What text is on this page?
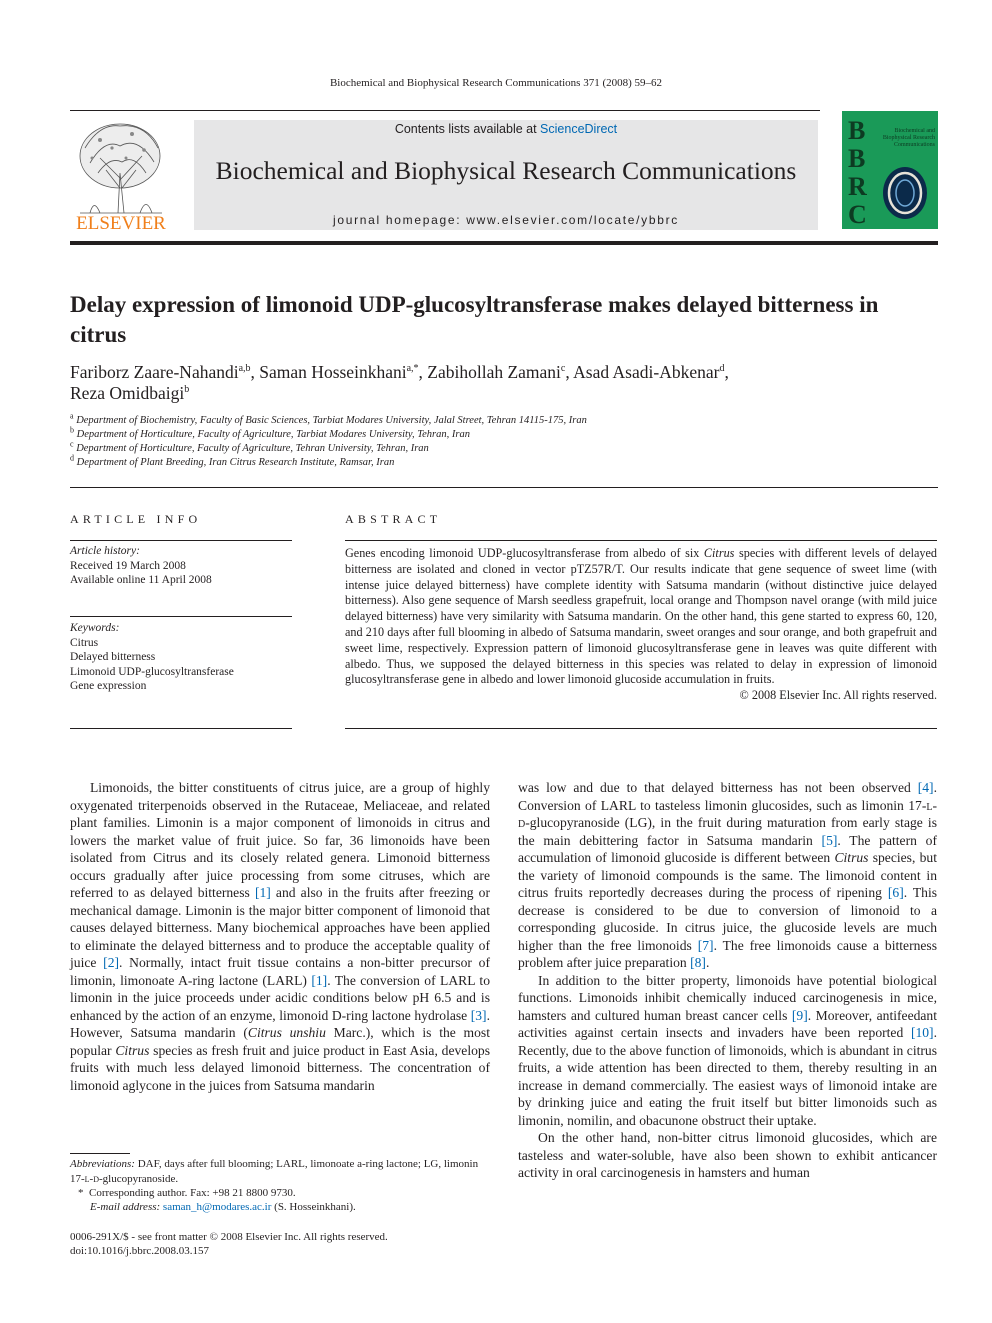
Biochemical and Biophysical Research Communications 371 (2008) 59–62
ELSEVIER
Contents lists available at ScienceDirect
Biochemical and Biophysical Research Communications
journal homepage: www.elsevier.com/locate/ybbrc
B B R C
Biochemical and Biophysical Research Communications
Delay expression of limonoid UDP-glucosyltransferase makes delayed bitterness in citrus
Fariborz Zaare-Nahandi$^{a,b}$, Saman Hosseinkhani$^{a,*}$, Zabihollah Zamani$^c$, Asad Asadi-Abkenar$^d$,
Reza Omidbaigi$^b$
$^a$ Department of Biochemistry, Faculty of Basic Sciences, Tarbiat Modares University, Jalal Street, Tehran 14115-175, Iran
$^b$ Department of Horticulture, Faculty of Agriculture, Tarbiat Modares University, Tehran, Iran
$^c$ Department of Horticulture, Faculty of Agriculture, Tehran University, Tehran, Iran
$^d$ Department of Plant Breeding, Iran Citrus Research Institute, Ramsar, Iran
ARTICLE INFO
Article history:
Received 19 March 2008
Available online 11 April 2008
Keywords:
Citrus
Delayed bitterness
Limonoid UDP-glucosyltransferase
Gene expression
ABSTRACT
Genes encoding limonoid UDP-glucosyltransferase from albedo of six Citrus species with different levels of delayed bitterness are isolated and cloned in vector pTZ57R/T. Our results indicate that gene sequence of sweet lime (with intense juice delayed bitterness) have complete identity with Satsuma mandarin (without distinctive juice delayed bitterness). Also gene sequence of Marsh seedless grapefruit, local orange and Thompson navel orange (with mild juice delayed bitterness) have very similarity with Satsuma mandarin. On the other hand, this gene started to express 60, 120, and 210 days after full blooming in albedo of Satsuma mandarin, sweet oranges and sour orange, and both grapefruit and sweet lime, respectively. Expression pattern of limonoid glucosyltransferase gene in leaves was quite different with albedo. Thus, we supposed the delayed bitterness in this species was related to delay in expression of limonoid glucosyltransferase gene in albedo and lower limonoid glucoside accumulation in fruits.
© 2008 Elsevier Inc. All rights reserved.

Limonoids, the bitter constituents of citrus juice, are a group of highly oxygenated triterpenoids observed in the Rutaceae, Meliaceae, and related plant families. Limonin is a major component of limonoids in citrus and lowers the market value of fruit juice. So far, 36 limonoids have been isolated from Citrus and its closely related genera. Limonoid bitterness occurs gradually after juice processing from some citruses, which are referred to as delayed bitterness [1] and also in the fruits after freezing or mechanical damage. Limonin is the major bitter component of limonoid that causes delayed bitterness. Many biochemical approaches have been applied to eliminate the delayed bitterness and to produce the acceptable quality of juice [2]. Normally, intact fruit tissue contains a non-bitter precursor of limonin, limonoate A-ring lactone (LARL) [1]. The conversion of LARL to limonin in the juice proceeds under acidic conditions below pH 6.5 and is enhanced by the action of an enzyme, limonoid D-ring lactone hydrolase [3]. However, Satsuma mandarin (Citrus unshiu Marc.), which is the most popular Citrus species as fresh fruit and juice product in East Asia, develops fruits with much less delayed limonoid bitterness. The concentration of limonoid aglycone in the juices from Satsuma mandarin

was low and due to that delayed bitterness has not been observed [4]. Conversion of LARL to tasteless limonin glucosides, such as limonin 17-l-d-glucopyranoside (LG), in the fruit during maturation from early stage is the main debittering factor in Satsuma mandarin [5]. The pattern of accumulation of limonoid glucoside is different between Citrus species, but the variety of limonoid compounds is the same. The limonoid content in citrus fruits reportedly decreases during the process of ripening [6]. This decrease is considered to be due to conversion of limonoid to a corresponding glucoside. In citrus juice, the glucoside levels are much higher than the free limonoids [7]. The free limonoids cause a bitterness problem after juice preparation [8].

In addition to the bitter property, limonoids have potential biological functions. Limonoids inhibit chemically induced carcinogenesis in mice, hamsters and cultured human breast cancer cells [9]. Moreover, antifeedant activities against certain insects and invaders have been reported [10]. Recently, due to the above function of limonoids, which is abundant in citrus fruits, a wide attention has been directed to them, thereby resulting in an increase in demand commercially. The easiest ways of limonoid intake are by drinking juice and eating the fruit itself but bitter limonoids such as limonin, nomilin, and obacunone obstruct their uptake.

On the other hand, non-bitter citrus limonoid glucosides, which are tasteless and water-soluble, have also been shown to exhibit anticancer activity in oral carcinogenesis in hamsters and human

Abbreviations: DAF, days after full blooming; LARL, limonoate a-ring lactone; LG, limonin 17-l-d-glucopyranoside.
* Corresponding author. Fax: +98 21 8800 9730.
E-mail address: saman_h@modares.ac.ir (S. Hosseinkhani).
0006-291X/$ - see front matter © 2008 Elsevier Inc. All rights reserved.
doi:10.1016/j.bbrc.2008.03.157
